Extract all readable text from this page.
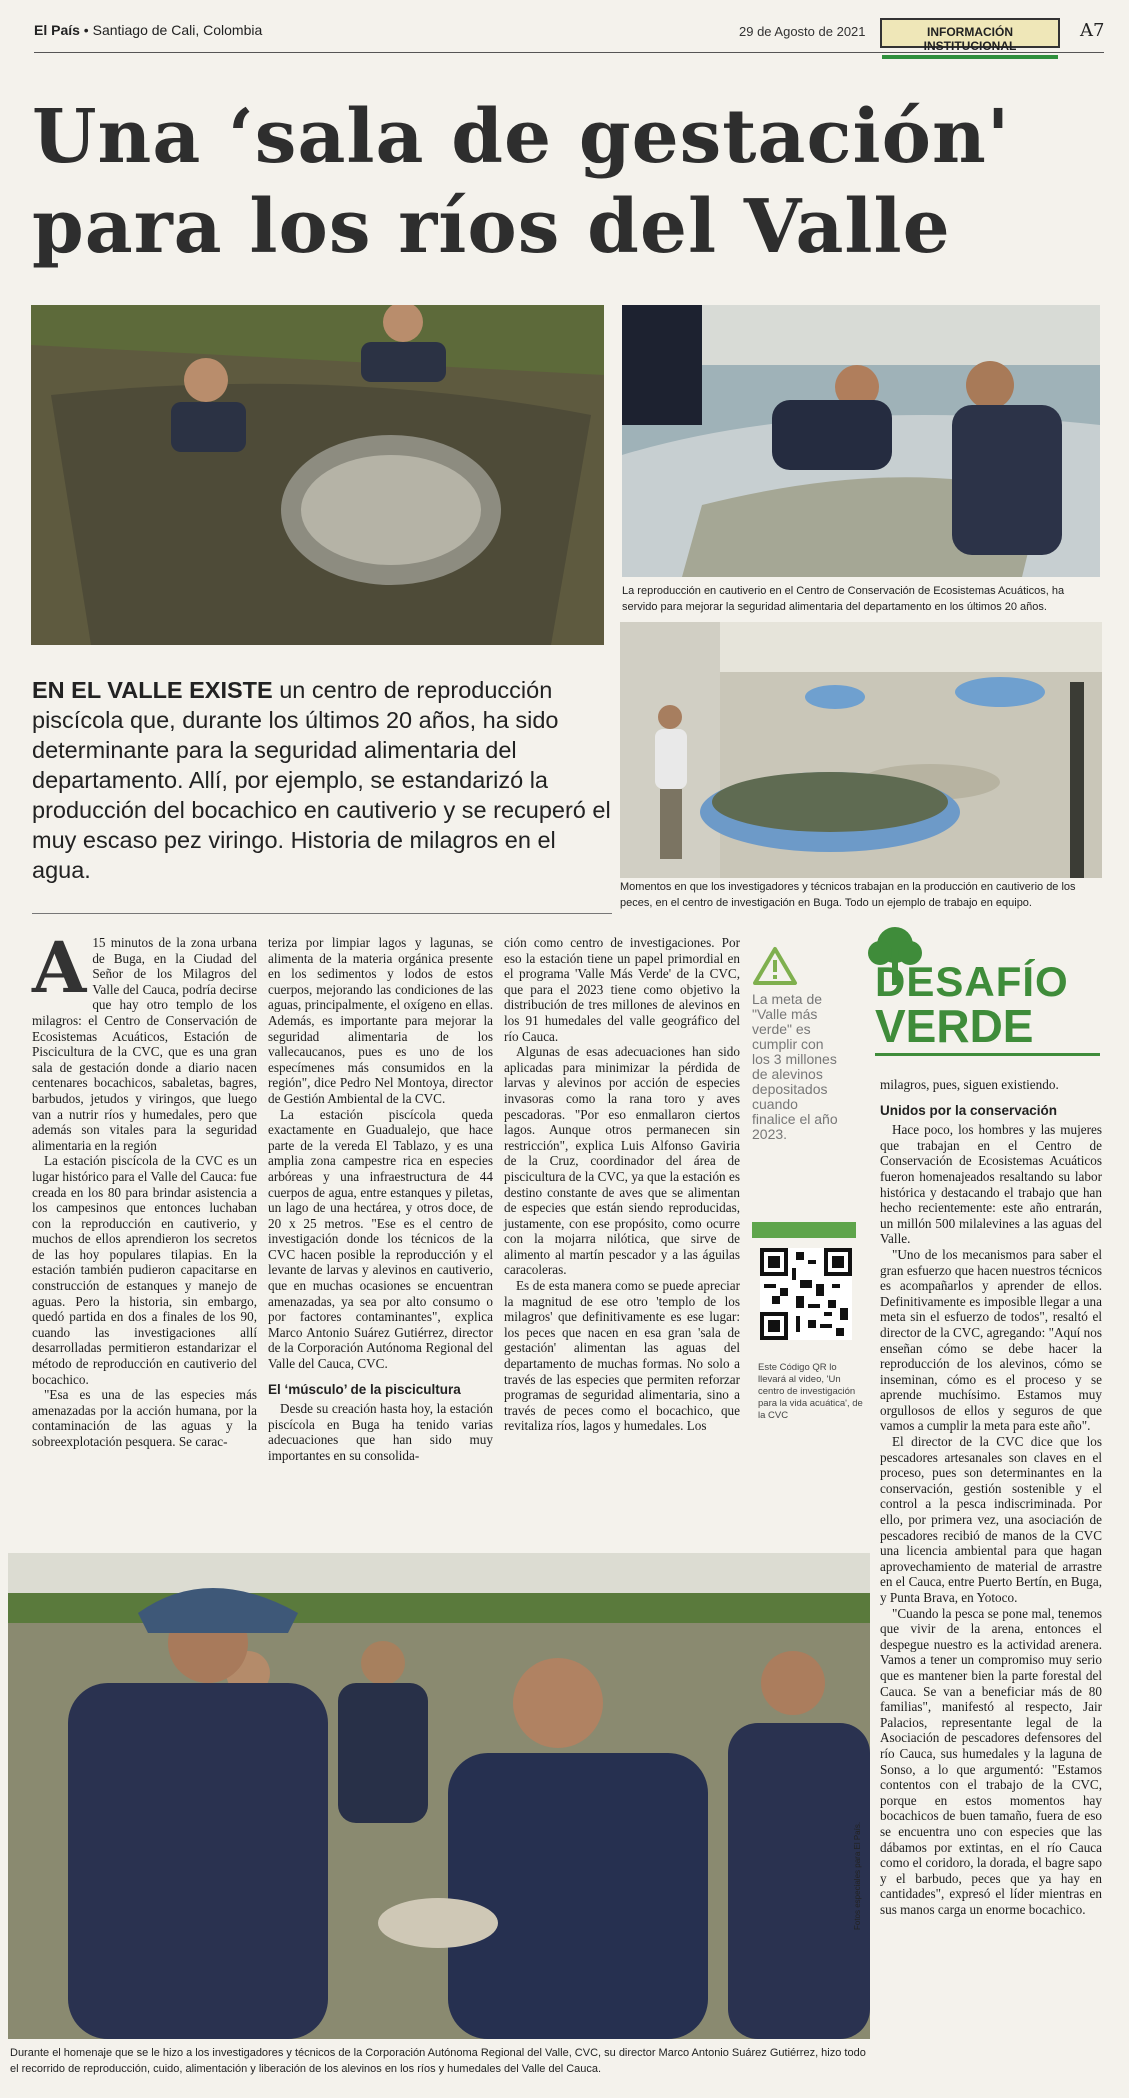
El País • Santiago de Cali, Colombia	29 de Agosto de 2021	INFORMACIÓN INSTITUCIONAL
A7
Una ‘sala de gestación'
para los ríos del Valle
La reproducción en cautiverio en el Centro de Conservación de Ecosistemas Acuáticos, ha servido para mejorar la seguridad alimentaria del departamento en los últimos 20 años.
Momentos en que los investigadores y técnicos trabajan en la producción en cautiverio de los peces, en el centro de investigación en Buga. Todo un ejemplo de trabajo en equipo.
EN EL VALLE EXISTE un centro de reproducción piscícola que, durante los últimos 20 años, ha sido determinante para la seguridad alimentaria del departamento. Allí, por ejemplo, se estandarizó la producción del bocachico en cautiverio y se recuperó el muy escaso pez viringo. Historia de milagros en el agua.
A 15 minutos de la zona urbana de Buga, en la Ciudad del Señor de los Milagros del Valle del Cauca, podría decirse que hay otro templo de los milagros: el Centro de Conservación de Ecosistemas Acuáticos, Estación de Piscicultura de la CVC, que es una gran sala de gestación donde a diario nacen centenares bocachicos, sabaletas, bagres, barbudos, jetudos y viringos, que luego van a nutrir ríos y humedales, pero que además son vitales para la seguridad alimentaria en la región

La estación piscícola de la CVC es un lugar histórico para el Valle del Cauca: fue creada en los 80 para brindar asistencia a los campesinos que entonces luchaban con la reproducción en cautiverio, y muchos de ellos aprendieron los secretos de las hoy populares tilapias. En la estación también pudieron capacitarse en construcción de estanques y manejo de aguas. Pero la historia, sin embargo, quedó partida en dos a finales de los 90, cuando las investigaciones allí desarrolladas permitieron estandarizar el método de reproducción en cautiverio del bocachico.

"Esa es una de las especies más amenazadas por la acción humana, por la contaminación de las aguas y la sobreexplotación pesquera. Se carac-

teriza por limpiar lagos y lagunas, se alimenta de la materia orgánica presente en los sedimentos y lodos de estos cuerpos, mejorando las condiciones de las aguas, principalmente, el oxígeno en ellas. Además, es importante para mejorar la seguridad alimentaria de los vallecaucanos, pues es uno de los especímenes más consumidos en la región", dice Pedro Nel Montoya, director de Gestión Ambiental de la CVC.

La estación piscícola queda exactamente en Guadualejo, que hace parte de la vereda El Tablazo, y es una amplia zona campestre rica en especies arbóreas y una infraestructura de 44 cuerpos de agua, entre estanques y piletas, un lago de una hectárea, y otros doce, de 20 x 25 metros. "Ese es el centro de investigación donde los técnicos de la CVC hacen posible la reproducción y el levante de larvas y alevinos en cautiverio, que en muchas ocasiones se encuentran amenazadas, ya sea por alto consumo o por factores contaminantes", explica Marco Antonio Suárez Gutiérrez, director de la Corporación Autónoma Regional del Valle del Cauca, CVC.

El ‘músculo’ de la piscicultura

Desde su creación hasta hoy, la estación piscícola en Buga ha tenido varias adecuaciones que han sido muy importantes en su consolida-

ción como centro de investigaciones. Por eso la estación tiene un papel primordial en el programa 'Valle Más Verde' de la CVC, que para el 2023 tiene como objetivo la distribución de tres millones de alevinos en los 91 humedales del valle geográfico del río Cauca.

Algunas de esas adecuaciones han sido aplicadas para minimizar la pérdida de larvas y alevinos por acción de especies invasoras como la rana toro y aves pescadoras. "Por eso enmallaron ciertos lagos. Aunque otros permanecen sin restricción", explica Luis Alfonso Gaviria de la Cruz, coordinador del área de piscicultura de la CVC, ya que la estación es destino constante de aves que se alimentan de especies que están siendo reproducidas, justamente, con ese propósito, como ocurre con la mojarra nilótica, que sirve de alimento al martín pescador y a las águilas caracoleras.

Es de esta manera como se puede apreciar la magnitud de ese otro 'templo de los milagros' que definitivamente es ese lugar: los peces que nacen en esa gran 'sala de gestación' alimentan las aguas del departamento de muchas formas. No solo a través de las especies que permiten reforzar programas de seguridad alimentaria, sino a través de peces como el bocachico, que revitaliza ríos, lagos y humedales. Los

La meta de "Valle más verde" es cumplir con los 3 millones de alevinos depositados cuando finalice el año 2023.
Este Código QR lo llevará al video, 'Un centro de investigación para la vida acuática', de la CVC
DESAFÍO
VERDE

milagros, pues, siguen existiendo.

Unidos por la conservación

Hace poco, los hombres y las mujeres que trabajan en el Centro de Conservación de Ecosistemas Acuáticos fueron homenajeados resaltando su labor histórica y destacando el trabajo que han hecho recientemente: este año entrarán, un millón 500 milalevines a las aguas del Valle.

"Uno de los mecanismos para saber el gran esfuerzo que hacen nuestros técnicos es acompañarlos y aprender de ellos. Definitivamente es imposible llegar a una meta sin el esfuerzo de todos", resaltó el director de la CVC, agregando: "Aquí nos enseñan cómo se debe hacer la reproducción de los alevinos, cómo se inseminan, cómo es el proceso y se aprende muchísimo. Estamos muy orgullosos de ellos y seguros de que vamos a cumplir la meta para este año".

El director de la CVC dice que los pescadores artesanales son claves en el proceso, pues son determinantes en la conservación, gestión sostenible y el control a la pesca indiscriminada. Por ello, por primera vez, una asociación de pescadores recibió de manos de la CVC una licencia ambiental para que hagan aprovechamiento de material de arrastre en el Cauca, entre Puerto Bertín, en Buga, y Punta Brava, en Yotoco.

"Cuando la pesca se pone mal, tenemos que vivir de la arena, entonces el despegue nuestro es la actividad arenera. Vamos a tener un compromiso muy serio que es mantener bien la parte forestal del Cauca. Se van a beneficiar más de 80 familias", manifestó al respecto, Jair Palacios, representante legal de la Asociación de pescadores defensores del río Cauca, sus humedales y la laguna de Sonso, a lo que argumentó: "Estamos contentos con el trabajo de la CVC, porque en estos momentos hay bocachicos de buen tamaño, fuera de eso se encuentra uno con especies que las dábamos por extintas, en el río Cauca como el coridoro, la dorada, el bagre sapo y el barbudo, peces que ya hay en cantidades", expresó el líder mientras en sus manos carga un enorme bocachico.

Durante el homenaje que se le hizo a los investigadores y técnicos de la Corporación Autónoma Regional del Valle, CVC, su director Marco Antonio Suárez Gutiérrez, hizo todo el recorrido de reproducción, cuido, alimentación y liberación de los alevinos en los ríos y humedales del Valle del Cauca.
Fotos especiales para El País.
